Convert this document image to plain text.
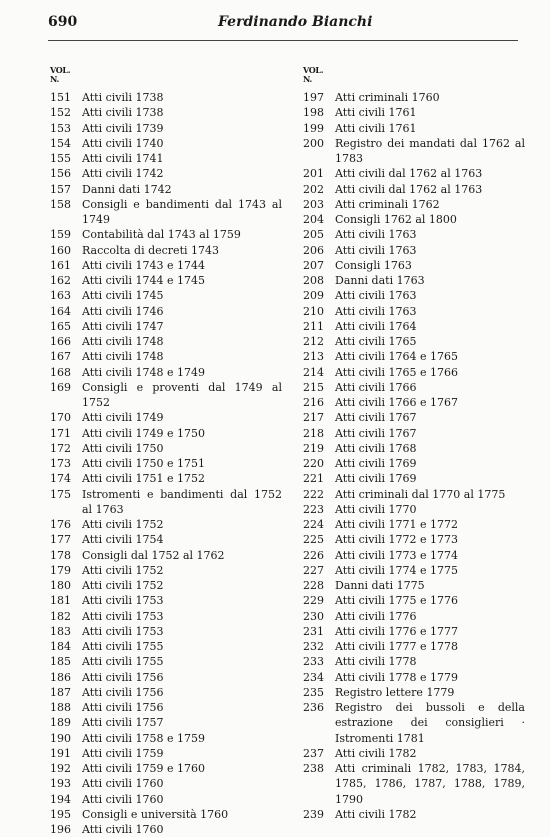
690	Ferdinando Bianchi
VOL.
N.
151	Atti civili 1738
152	Atti civili 1738
153	Atti civili 1739
154	Atti civili 1740
155	Atti civili 1741
156	Atti civili 1742
157	Danni dati 1742
158	Consigli e bandimenti dal 1743 al 1749
159	Contabilità dal 1743 al 1759
160	Raccolta di decreti 1743
161	Atti civili 1743 e 1744
162	Atti civili 1744 e 1745
163	Atti civili 1745
164	Atti civili 1746
165	Atti civili 1747
166	Atti civili 1748
167	Atti civili 1748
168	Atti civili 1748 e 1749
169	Consigli e proventi dal 1749 al 1752
170	Atti civili 1749
171	Atti civili 1749 e 1750
172	Atti civili 1750
173	Atti civili 1750 e 1751
174	Atti civili 1751 e 1752
175	Istromenti e bandimenti dal 1752 al 1763
176	Atti civili 1752
177	Atti civili 1754
178	Consigli dal 1752 al 1762
179	Atti civili 1752
180	Atti civili 1752
181	Atti civili 1753
182	Atti civili 1753
183	Atti civili 1753
184	Atti civili 1755
185	Atti civili 1755
186	Atti civili 1756
187	Atti civili 1756
188	Atti civili 1756
189	Atti civili 1757
190	Atti civili 1758 e 1759
191	Atti civili 1759
192	Atti civili 1759 e 1760
193	Atti civili 1760
194	Atti civili 1760
195	Consigli e università 1760
196	Atti civili 1760
VOL.
N.
197	Atti criminali 1760
198	Atti civili 1761
199	Atti civili 1761
200	Registro dei mandati dal 1762 al 1783
201	Atti civili dal 1762 al 1763
202	Atti civili dal 1762 al 1763
203	Atti criminali 1762
204	Consigli 1762 al 1800
205	Atti civili 1763
206	Atti civili 1763
207	Consigli 1763
208	Danni dati 1763
209	Atti civili 1763
210	Atti civili 1763
211	Atti civili 1764
212	Atti civili 1765
213	Atti civili 1764 e 1765
214	Atti civili 1765 e 1766
215	Atti civili 1766
216	Atti civili 1766 e 1767
217	Atti civili 1767
218	Atti civili 1767
219	Atti civili 1768
220	Atti civili 1769
221	Atti civili 1769
222	Atti criminali dal 1770 al 1775
223	Atti civili 1770
224	Atti civili 1771 e 1772
225	Atti civili 1772 e 1773
226	Atti civili 1773 e 1774
227	Atti civili 1774 e 1775
228	Danni dati 1775
229	Atti civili 1775 e 1776
230	Atti civili 1776
231	Atti civili 1776 e 1777
232	Atti civili 1777 e 1778
233	Atti civili 1778
234	Atti civili 1778 e 1779
235	Registro lettere 1779
236	Registro dei bussoli e della estrazione dei consiglieri · Istromenti 1781
237	Atti civili 1782
238	Atti criminali 1782, 1783, 1784, 1785, 1786, 1787, 1788, 1789, 1790
239	Atti civili 1782
